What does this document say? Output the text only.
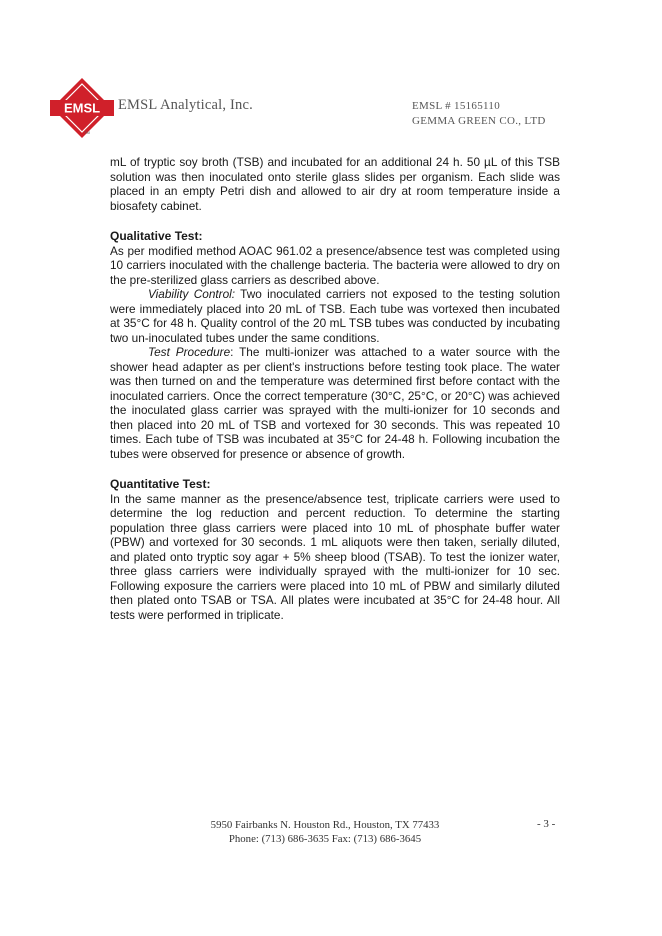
EMSL
TM
EMSL Analytical, Inc.	EMSL # 15165110
GEMMA GREEN CO., LTD

mL of tryptic soy broth (TSB) and incubated for an additional 24 h. 50 µL of this TSB solution was then inoculated onto sterile glass slides per organism. Each slide was placed in an empty Petri dish and allowed to air dry at room temperature inside a biosafety cabinet.

Qualitative Test:

As per modified method AOAC 961.02 a presence/absence test was completed using 10 carriers inoculated with the challenge bacteria. The bacteria were allowed to dry on the pre-sterilized glass carriers as described above.

Viability Control: Two inoculated carriers not exposed to the testing solution were immediately placed into 20 mL of TSB. Each tube was vortexed then incubated at 35°C for 48 h. Quality control of the 20 mL TSB tubes was conducted by incubating two un-inoculated tubes under the same conditions.

Test Procedure: The multi-ionizer was attached to a water source with the shower head adapter as per client's instructions before testing took place. The water was then turned on and the temperature was determined first before contact with the inoculated carriers. Once the correct temperature (30°C, 25°C, or 20°C) was achieved the inoculated glass carrier was sprayed with the multi-ionizer for 10 seconds and then placed into 20 mL of TSB and vortexed for 30 seconds. This was repeated 10 times. Each tube of TSB was incubated at 35°C for 24-48 h. Following incubation the tubes were observed for presence or absence of growth.

Quantitative Test:

In the same manner as the presence/absence test, triplicate carriers were used to determine the log reduction and percent reduction. To determine the starting population three glass carriers were placed into 10 mL of phosphate buffer water (PBW) and vortexed for 30 seconds. 1 mL aliquots were then taken, serially diluted, and plated onto tryptic soy agar + 5% sheep blood (TSAB). To test the ionizer water, three glass carriers were individually sprayed with the multi-ionizer for 10 sec. Following exposure the carriers were placed into 10 mL of PBW and similarly diluted then plated onto TSAB or TSA. All plates were incubated at 35°C for 24-48 hour. All tests were performed in triplicate.

5950 Fairbanks N. Houston Rd., Houston, TX 77433
Phone: (713) 686-3635 Fax: (713) 686-3645
- 3 -
